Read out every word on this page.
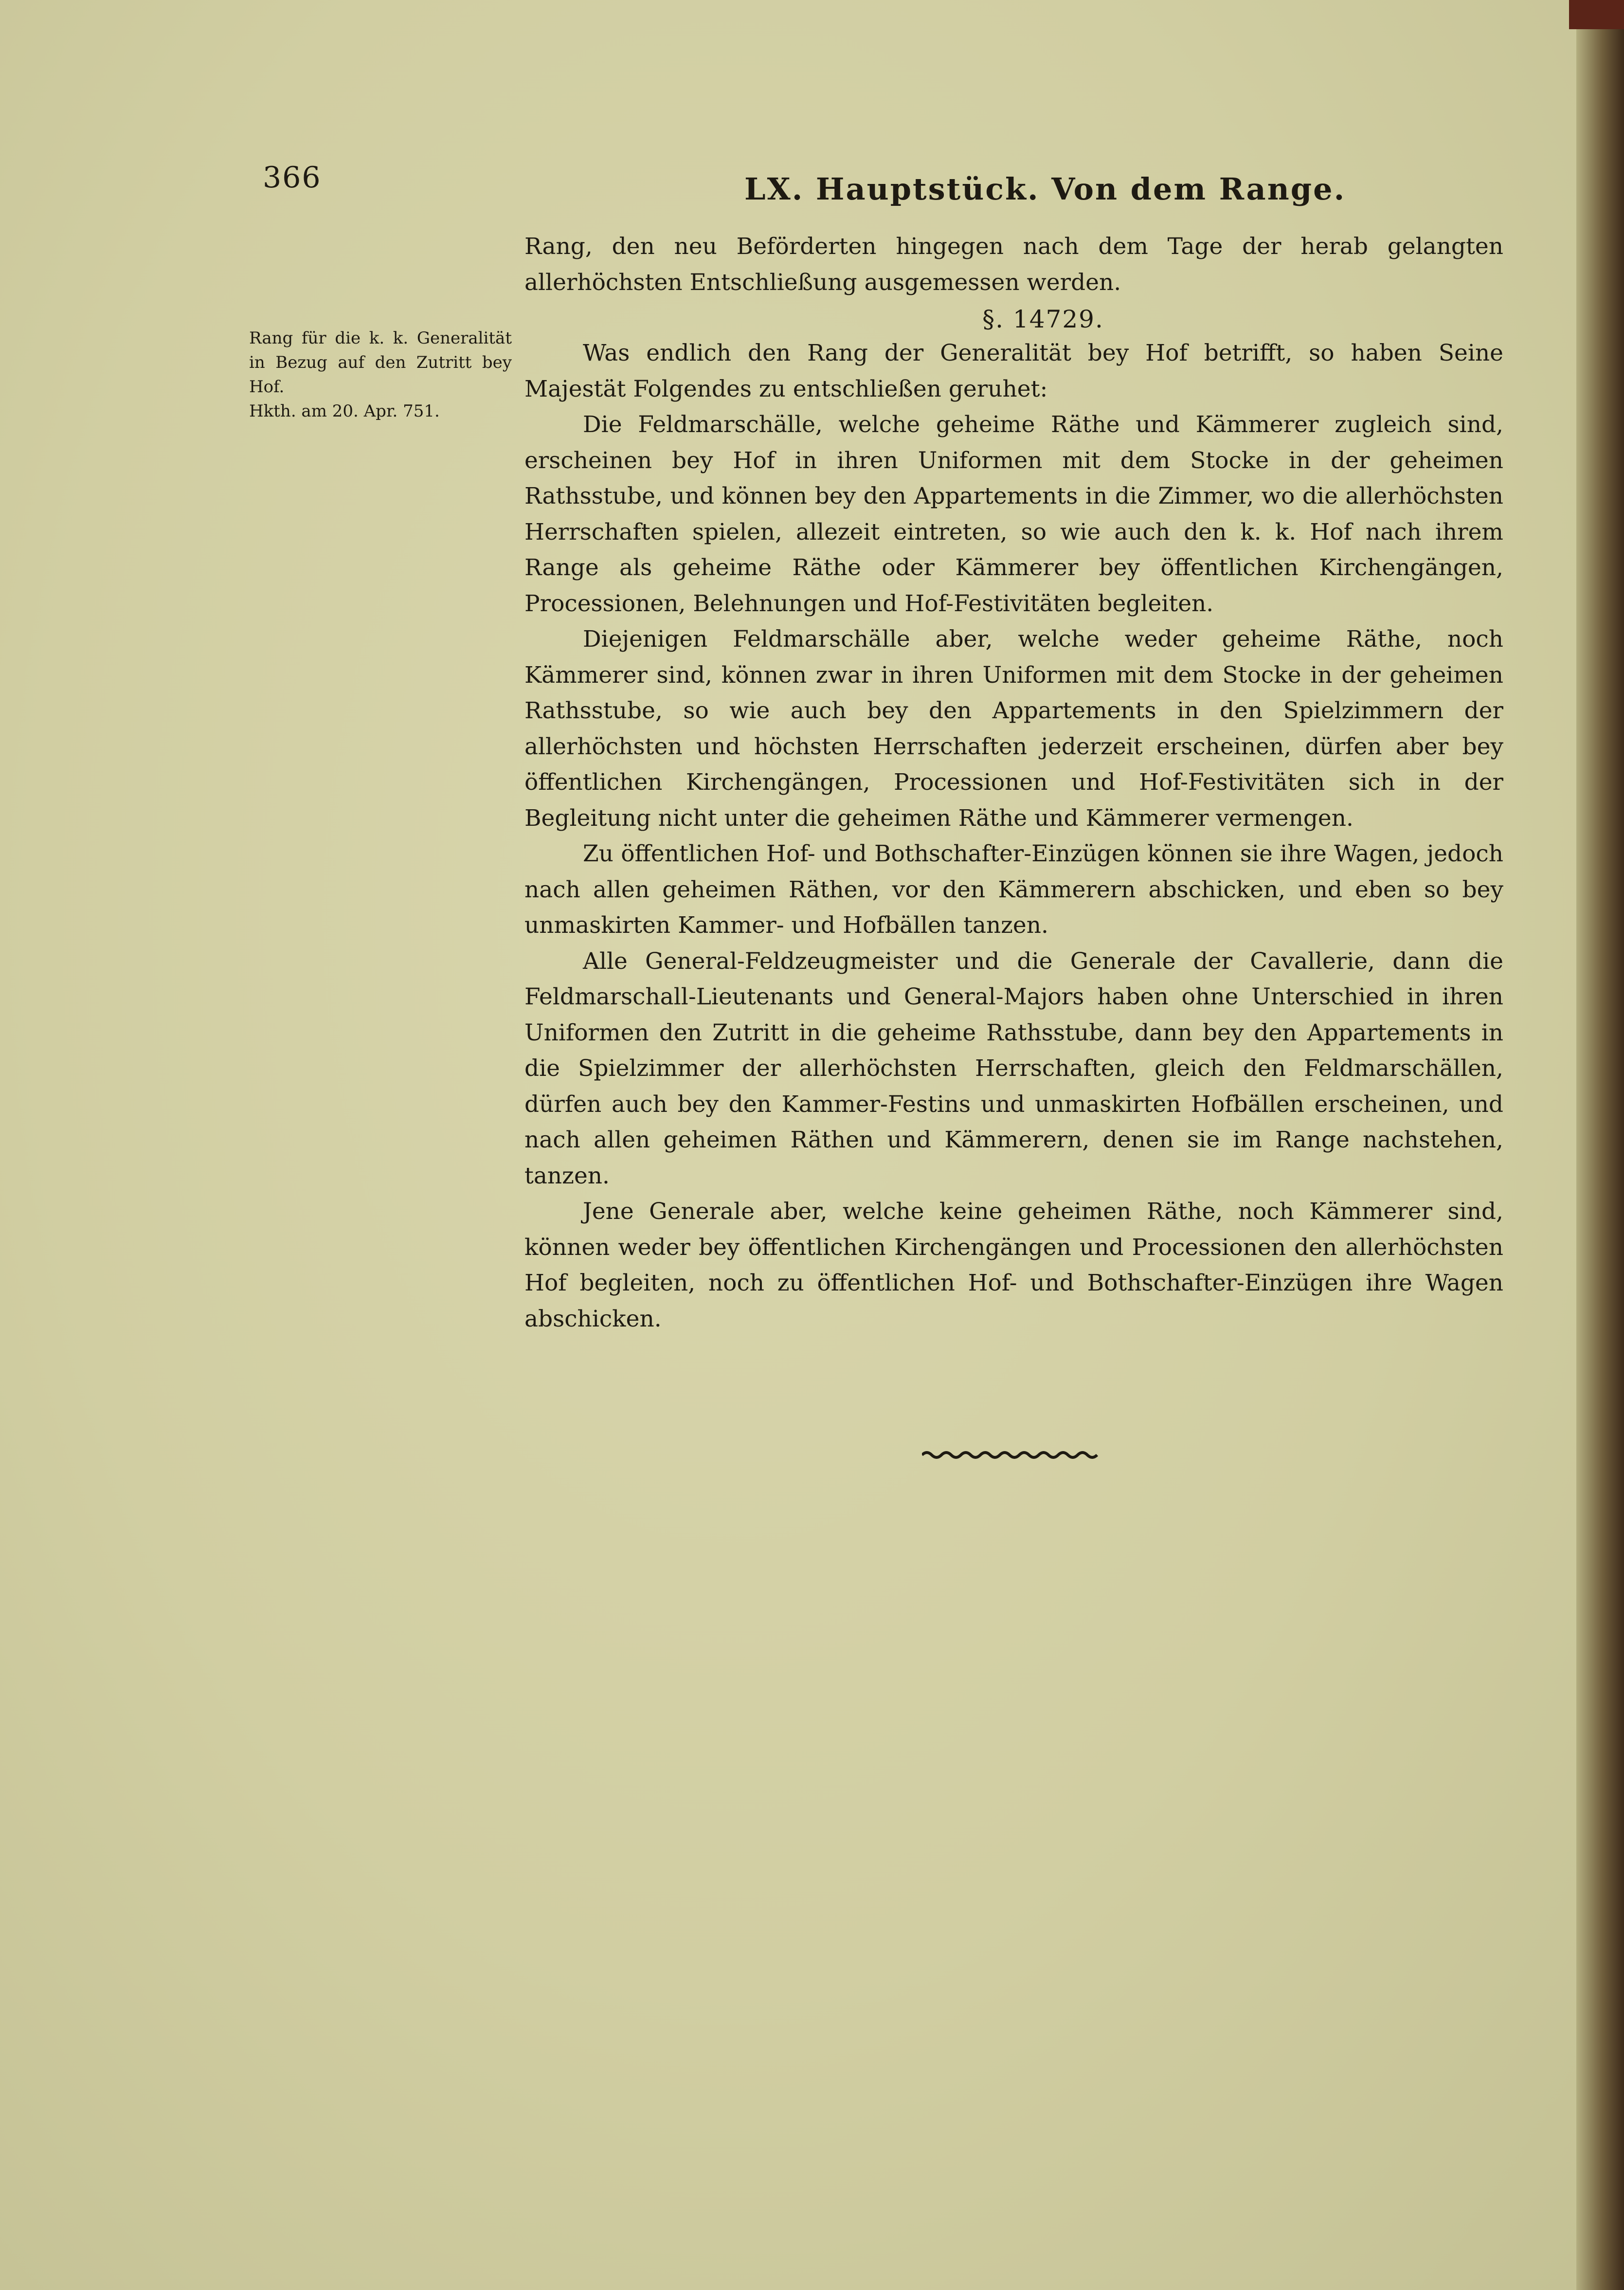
366	LX. Hauptstück. Von dem Range.

Rang für die k. k. Generalität in Bezug auf den Zutritt bey Hof.

Hkth. am 20. Apr. 751.

Rang, den neu Beförderten hingegen nach dem Tage der herab gelangten allerhöchsten Entschließung ausgemessen werden.

§. 14729.

Was endlich den Rang der Generalität bey Hof betrifft, so haben Seine Majestät Folgendes zu entschließen geruhet:

Die Feldmarschälle, welche geheime Räthe und Kämmerer zugleich sind, erscheinen bey Hof in ihren Uniformen mit dem Stocke in der geheimen Rathsstube, und können bey den Appartements in die Zimmer, wo die allerhöchsten Herrschaften spielen, allezeit eintreten, so wie auch den k. k. Hof nach ihrem Range als geheime Räthe oder Kämmerer bey öffentlichen Kirchengängen, Processionen, Belehnungen und Hof-Festivitäten begleiten.

Diejenigen Feldmarschälle aber, welche weder geheime Räthe, noch Kämmerer sind, können zwar in ihren Uniformen mit dem Stocke in der geheimen Rathsstube, so wie auch bey den Appartements in den Spielzimmern der allerhöchsten und höchsten Herrschaften jederzeit erscheinen, dürfen aber bey öffentlichen Kirchengängen, Processionen und Hof-Festivitäten sich in der Begleitung nicht unter die geheimen Räthe und Kämmerer vermengen.

Zu öffentlichen Hof- und Bothschafter-Einzügen können sie ihre Wagen, jedoch nach allen geheimen Räthen, vor den Kämmerern abschicken, und eben so bey unmaskirten Kammer- und Hofbällen tanzen.

Alle General-Feldzeugmeister und die Generale der Cavallerie, dann die Feldmarschall-Lieutenants und General-Majors haben ohne Unterschied in ihren Uniformen den Zutritt in die geheime Rathsstube, dann bey den Appartements in die Spielzimmer der allerhöchsten Herrschaften, gleich den Feldmarschällen, dürfen auch bey den Kammer-Festins und unmaskirten Hofbällen erscheinen, und nach allen geheimen Räthen und Kämmerern, denen sie im Range nachstehen, tanzen.

Jene Generale aber, welche keine geheimen Räthe, noch Kämmerer sind, können weder bey öffentlichen Kirchengängen und Processionen den allerhöchsten Hof begleiten, noch zu öffentlichen Hof- und Bothschafter-Einzügen ihre Wagen abschicken.
